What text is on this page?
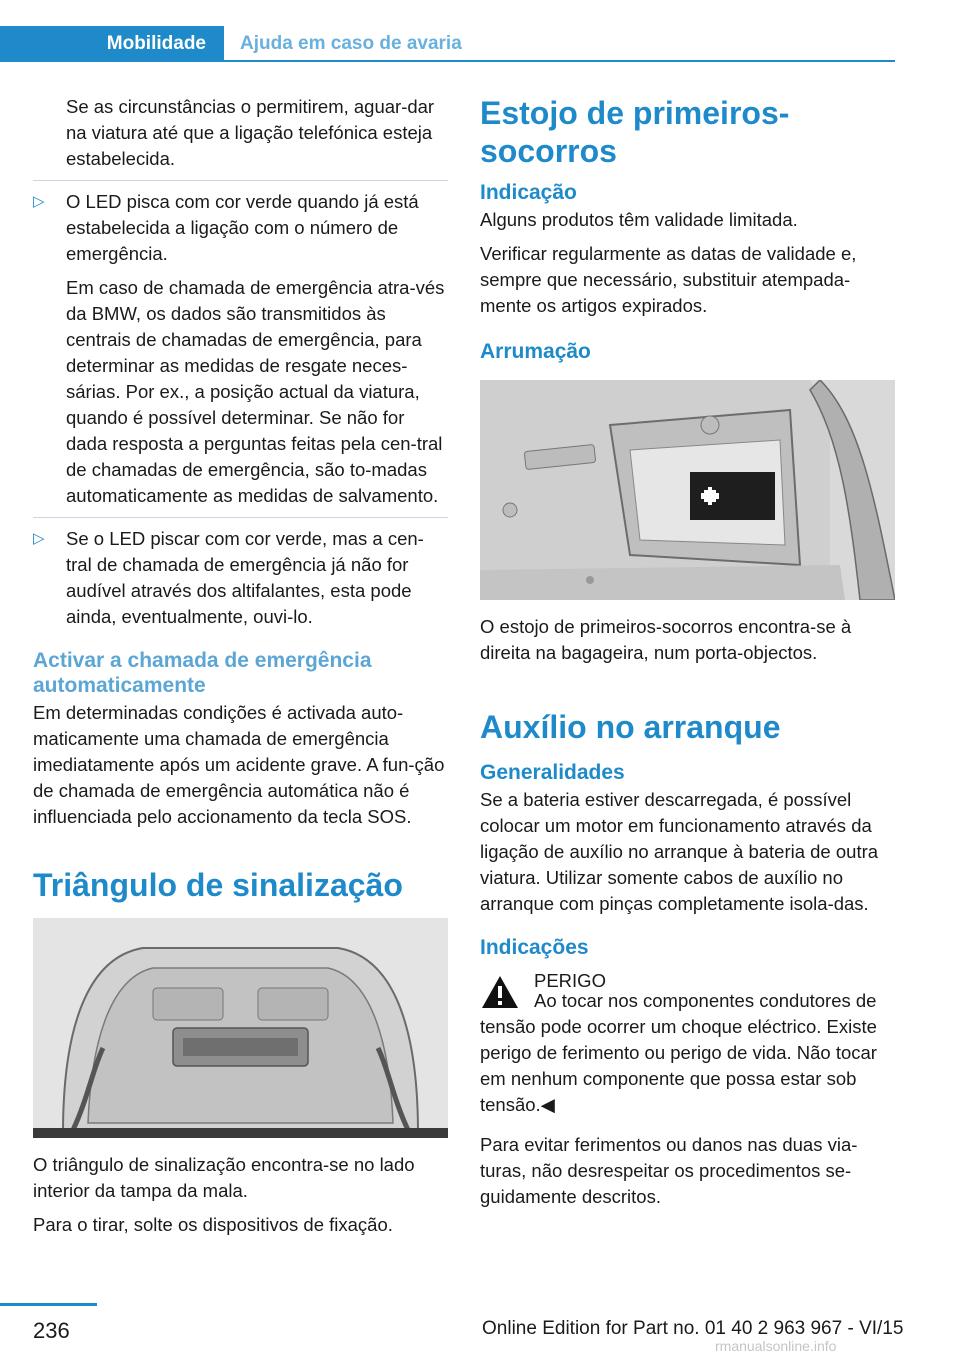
Mobilidade	Ajuda em caso de avaria

Se as circunstâncias o permitirem, aguar-dar na viatura até que a ligação telefónica esteja estabelecida.

▷ O LED pisca com cor verde quando já está estabelecida a ligação com o número de emergência.

Em caso de chamada de emergência atra-vés da BMW, os dados são transmitidos às centrais de chamadas de emergência, para determinar as medidas de resgate neces-sárias. Por ex., a posição actual da viatura, quando é possível determinar. Se não for dada resposta a perguntas feitas pela cen-tral de chamadas de emergência, são to-madas automaticamente as medidas de salvamento.

▷ Se o LED piscar com cor verde, mas a cen-tral de chamada de emergência já não for audível através dos altifalantes, esta pode ainda, eventualmente, ouvi-lo.
Activar a chamada de emergência automaticamente

Em determinadas condições é activada auto-maticamente uma chamada de emergência imediatamente após um acidente grave. A fun-ção de chamada de emergência automática não é influenciada pelo accionamento da tecla SOS.

Triângulo de sinalização

O triângulo de sinalização encontra-se no lado interior da tampa da mala.

Para o tirar, solte os dispositivos de fixação.

Estojo de primeiros-socorros
Indicação

Alguns produtos têm validade limitada.

Verificar regularmente as datas de validade e, sempre que necessário, substituir atempada-mente os artigos expirados.

Arrumação

O estojo de primeiros-socorros encontra-se à direita na bagageira, num porta-objectos.

Auxílio no arranque
Generalidades

Se a bateria estiver descarregada, é possível colocar um motor em funcionamento através da ligação de auxílio no arranque à bateria de outra viatura. Utilizar somente cabos de auxílio no arranque com pinças completamente isola-das.

Indicações
PERIGO

Ao tocar nos componentes condutores de tensão pode ocorrer um choque eléctrico. Existe perigo de ferimento ou perigo de vida. Não tocar em nenhum componente que possa estar sob tensão.◀

Para evitar ferimentos ou danos nas duas via-turas, não desrespeitar os procedimentos se-guidamente descritos.

236	Online Edition for Part no. 01 40 2 963 967 - VI/15
rmanualsonline.info
